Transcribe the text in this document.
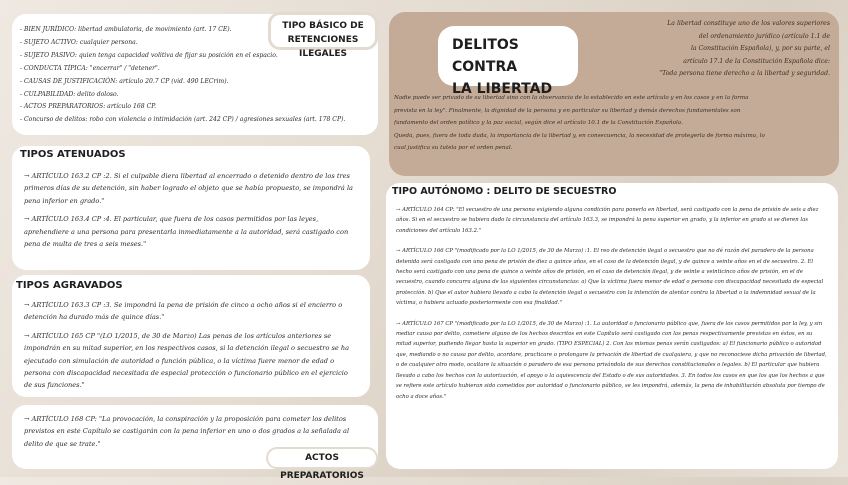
DELITOS CONTRA
LA LIBERTAD

La libertad constituye uno de los valores superiores

del ordenamiento jurídico (artículo 1.1 de

la Constitución Española), y, por su parte, el

artículo 17.1 de la Constitución Española dice:

"Toda persona tiene derecho a la libertad y seguridad.

Nadie puede ser privado de su libertad sino con la observancia de lo establecido en este artículo y en los casos y en la forma

prevista en la ley". Finalmente, la dignidad de la persona y en particular su libertad y demás derechos fundamentales son

fundamento del orden político y la paz social, según dice el artículo 10.1 de la Constitución Española.

Queda, pues, fuera de toda duda, la importancia de la libertad y, en consecuencia, la necesidad de protegerla de forma máxima, lo

cual justifica su tutela por el orden penal.

- BIEN JURÍDICO: libertad ambulatoria, de movimiento (art. 17 CE).

- SUJETO ACTIVO: cualquier persona.

- SUJETO PASIVO: quien tenga capacidad volitiva de fijar su posición en el espacio.

- CONDUCTA TÍPICA: "encerrar" / "detener".

- CAUSAS DE JUSTIFICACIÓN: artículo 20.7 CP (vid. 490 LECrim).

- CULPABILIDAD: delito doloso.

- ACTOS PREPARATORIOS: artículo 168 CP.

- Concurso de delitos: robo con violencia o intimidación (art. 242 CP) / agresiones sexuales (art. 178 CP).

TIPO BÁSICO DE
RETENCIONES ILEGALES

→ ARTÍCULO 163.2 CP :2. Si el culpable diera libertad al encerrado o detenido dentro de los tres primeros días de su detención, sin haber logrado el objeto que se había propuesto, se impondrá la pena inferior en grado."

→ ARTÍCULO 163.4 CP :4. El particular, que fuera de los casos permitidos por las leyes, aprehendiere a una persona para presentarla inmediatamente a la autoridad, será castigado con pena de multa de tres a seis meses."

TIPOS ATENUADOS

→ ARTÍCULO 163.3 CP :3. Se impondrá la pena de prisión de cinco a ocho años si el encierro o detención ha durado más de quince días."

→ ARTÍCULO 165 CP "(LO 1/2015, de 30 de Marzo) Las penas de los artículos anteriores se impondrán en su mitad superior, en los respectivos casos, si la detención ilegal o secuestro se ha ejecutado con simulación de autoridad o función pública, o la víctima fuere menor de edad o persona con discapacidad necesitada de especial protección o funcionario público en el ejercicio de sus funciones."

TIPOS AGRAVADOS

→ ARTÍCULO 168 CP: "La provocación, la conspiración y la proposición para cometer los delitos previstos en este Capítulo se castigarán con la pena inferior en uno o dos grados a la señalada al delito de que se trate."

ACTOS PREPARATORIOS

→ ARTÍCULO 164 CP: "El secuestro de una persona exigiendo alguna condición para ponerla en libertad, será castigado con la pena de prisión de seis a diez años. Si en el secuestro se hubiera dado la circunstancia del artículo 163.3, se impondrá la pena superior en grado, y la inferior en grado si se dieren las condiciones del artículo 163.2."

→ ARTÍCULO 166 CP "(modificado por la LO 1/2015, de 30 de Marzo) :1. El reo de detención ilegal o secuestro que no dé razón del paradero de la persona detenida será castigado con una pena de prisión de diez a quince años, en el caso de la detención ilegal, y de quince a veinte años en el de secuestro. 2. El hecho será castigado con una pena de quince a veinte años de prisión, en el caso de detención ilegal, y de veinte a veinticinco años de prisión, en el de secuestro, cuando concurra alguna de las siguientes circunstancias: a) Que la víctima fuera menor de edad o persona con discapacidad necesitada de especial protección. b) Que el autor hubiera llevado a cabo la detención ilegal o secuestro con la intención de atentar contra la libertad o la indemnidad sexual de la víctima, o hubiera actuado posteriormente con esa finalidad."

→ ARTÍCULO 167 CP "(modificado por la LO 1/2015, de 30 de Marzo) :1. La autoridad o funcionario público que, fuera de los casos permitidos por la ley, y sin mediar causa por delito, cometiere alguno de los hechos descritos en este Capítulo será castigado con las penas respectivamente previstas en éstos, en su mitad superior, pudiendo llegar hasta la superior en grado. (TIPO ESPECIAL) 2. Con las mismas penas serán castigados: a) El funcionario público o autoridad que, mediando o no causa por delito, acordare, practicare o prolongare la privación de libertad de cualquiera, y que no reconociese dicha privación de libertad, o de cualquier otro modo, ocultare la situación o paradero de esa persona privándola de sus derechos constitucionales o legales. b) El particular que hubiera llevado a cabo los hechos con la autorización, el apoyo o la aquiescencia del Estado o de sus autoridades. 3. En todos los casos en que los que los hechos a que se refiere este artículo hubieran sido cometidos por autoridad o funcionario público, se les impondrá, además, la pena de inhabilitación absoluta por tiempo de ocho a doce años."

TIPO AUTÓNOMO : DELITO DE SECUESTRO
